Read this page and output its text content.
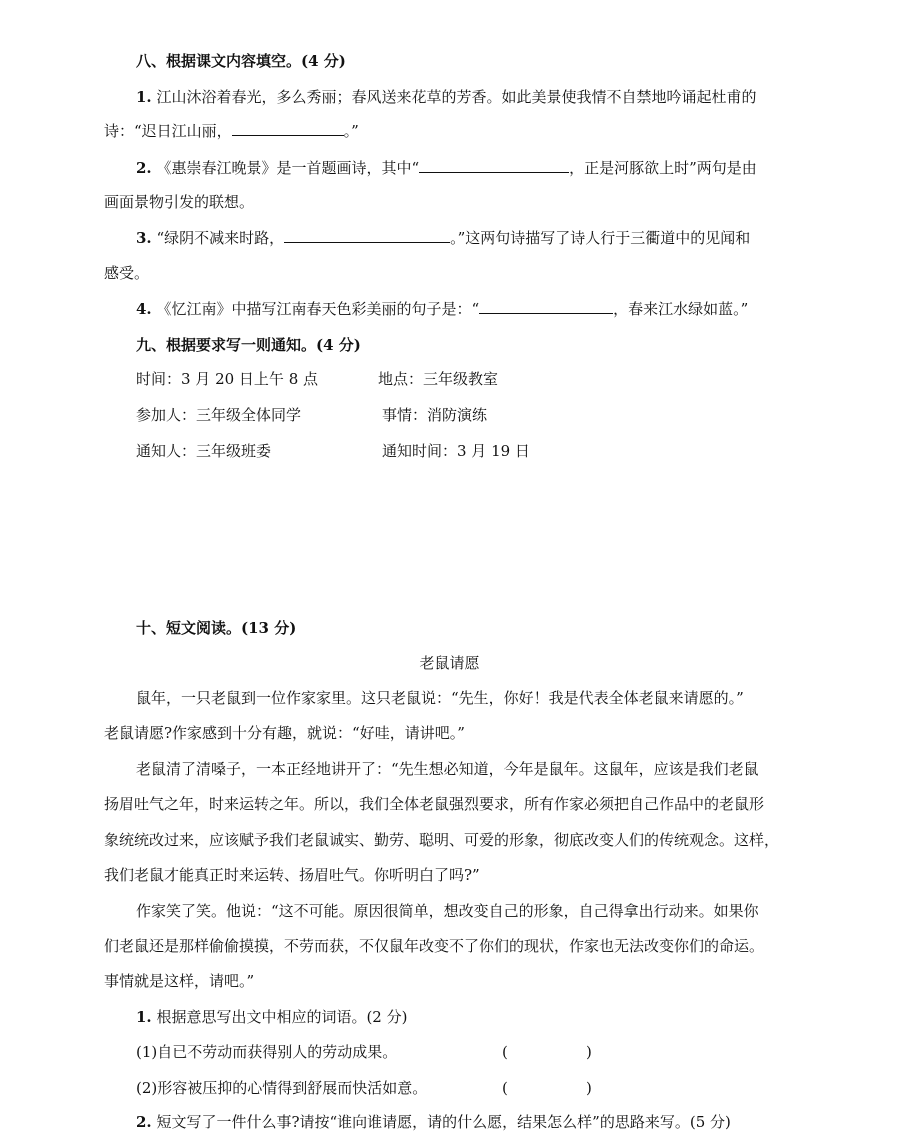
八、根据课文内容填空。(4 分)
1. 江山沐浴着春光，多么秀丽；春风送来花草的芳香。如此美景使我情不自禁地吟诵起杜甫的
诗：“迟日江山丽，	。”
2. 《惠崇春江晚景》是一首题画诗，其中“	，正是河豚欲上时”两句是由
画面景物引发的联想。
3. “绿阴不减来时路，	。”这两句诗描写了诗人行于三衢道中的见闻和
感受。
4. 《忆江南》中描写江南春天色彩美丽的句子是：“	，春来江水绿如蓝。”
九、根据要求写一则通知。(4 分)
时间：3 月 20 日上午 8 点	地点：三年级教室
参加人：三年级全体同学	事情：消防演练
通知人：三年级班委	通知时间：3 月 19 日
十、短文阅读。(13 分)
老鼠请愿
鼠年，一只老鼠到一位作家家里。这只老鼠说：“先生，你好！我是代表全体老鼠来请愿的。”
老鼠请愿?作家感到十分有趣，就说：“好哇，请讲吧。”
老鼠清了清嗓子，一本正经地讲开了：“先生想必知道，今年是鼠年。这鼠年，应该是我们老鼠
扬眉吐气之年，时来运转之年。所以，我们全体老鼠强烈要求，所有作家必须把自己作品中的老鼠形
象统统改过来，应该赋予我们老鼠诚实、勤劳、聪明、可爱的形象，彻底改变人们的传统观念。这样，
我们老鼠才能真正时来运转、扬眉吐气。你听明白了吗?”
作家笑了笑。他说：“这不可能。原因很简单，想改变自己的形象，自己得拿出行动来。如果你
们老鼠还是那样偷偷摸摸，不劳而获，不仅鼠年改变不了你们的现状，作家也无法改变你们的命运。
事情就是这样，请吧。”
1. 根据意思写出文中相应的词语。(2 分)
(1)自已不劳动而获得别人的劳动成果。	(	)
(2)形容被压抑的心情得到舒展而快活如意。	(	)
2. 短文写了一件什么事?请按“谁向谁请愿，请的什么愿，结果怎么样”的思路来写。(5 分)
